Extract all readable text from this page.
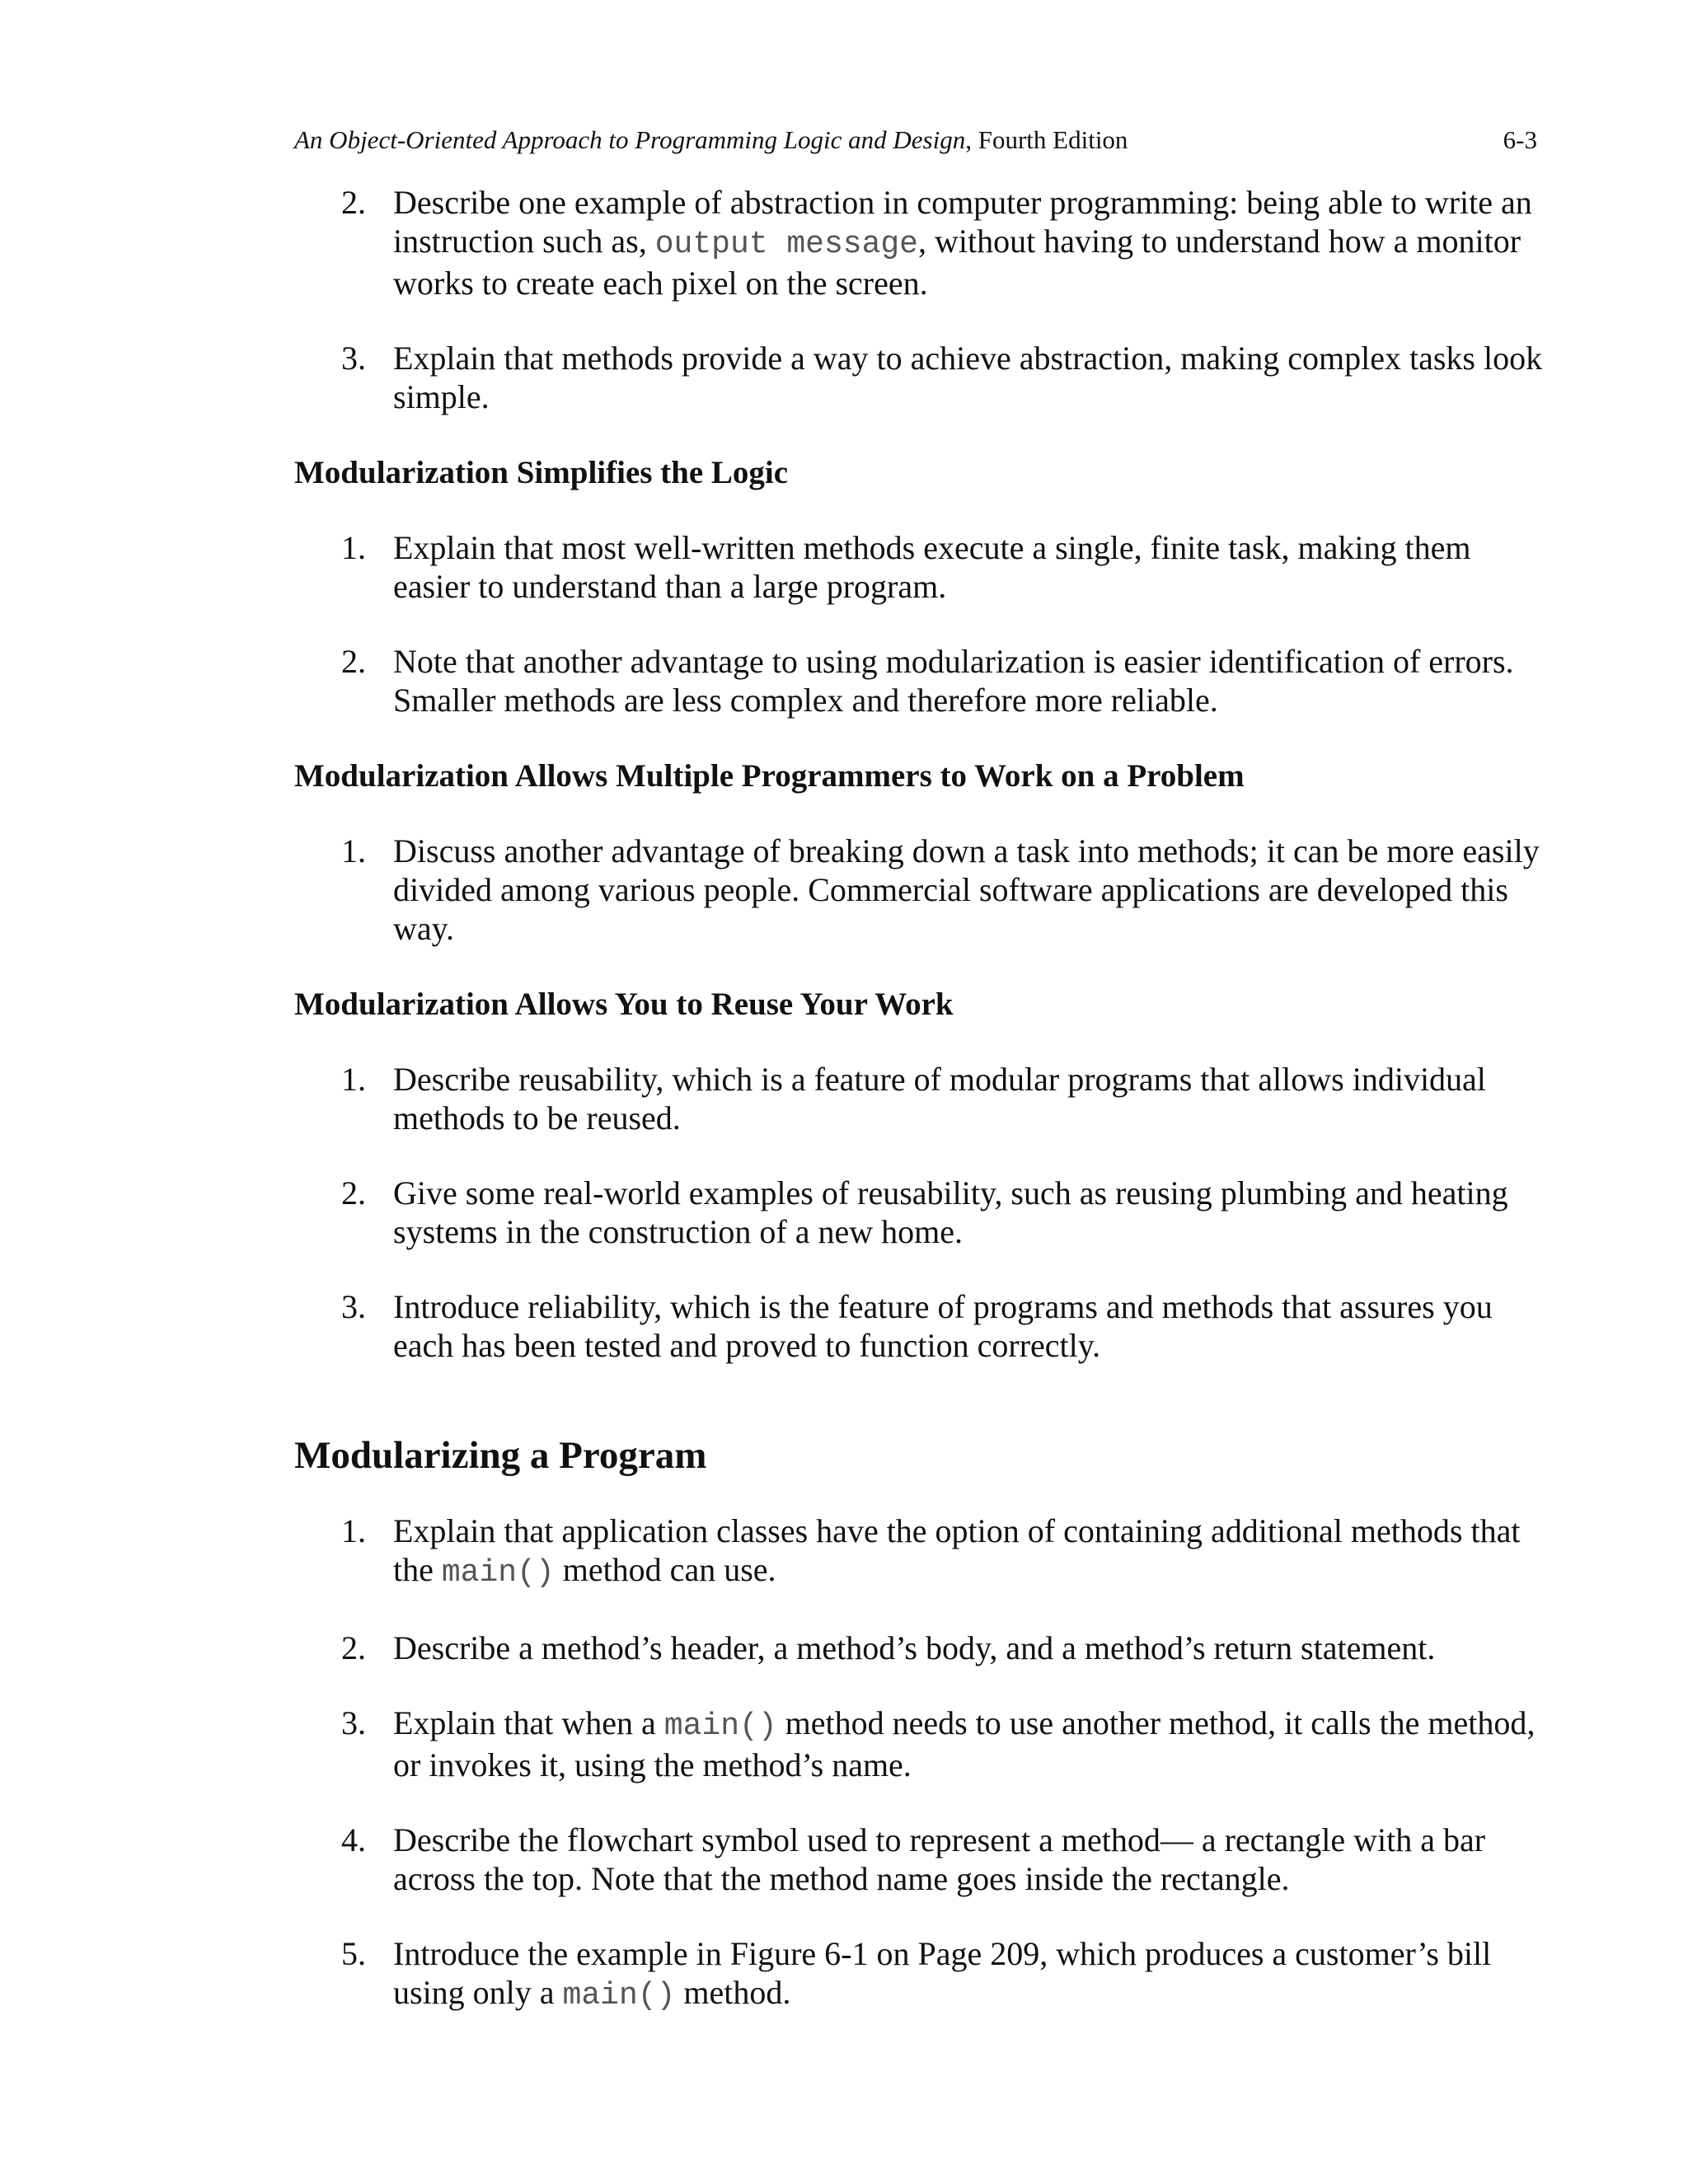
An Object-Oriented Approach to Programming Logic and Design, Fourth Edition	6-3
2. Describe one example of abstraction in computer programming: being able to write an instruction such as, output message, without having to understand how a monitor works to create each pixel on the screen.
3. Explain that methods provide a way to achieve abstraction, making complex tasks look simple.
Modularization Simplifies the Logic
1. Explain that most well-written methods execute a single, finite task, making them easier to understand than a large program.
2. Note that another advantage to using modularization is easier identification of errors. Smaller methods are less complex and therefore more reliable.
Modularization Allows Multiple Programmers to Work on a Problem
1. Discuss another advantage of breaking down a task into methods; it can be more easily divided among various people. Commercial software applications are developed this way.
Modularization Allows You to Reuse Your Work
1. Describe reusability, which is a feature of modular programs that allows individual methods to be reused.
2. Give some real-world examples of reusability, such as reusing plumbing and heating systems in the construction of a new home.
3. Introduce reliability, which is the feature of programs and methods that assures you each has been tested and proved to function correctly.
Modularizing a Program
1. Explain that application classes have the option of containing additional methods that the main() method can use.
2. Describe a method’s header, a method’s body, and a method’s return statement.
3. Explain that when a main() method needs to use another method, it calls the method, or invokes it, using the method’s name.
4. Describe the flowchart symbol used to represent a method— a rectangle with a bar across the top. Note that the method name goes inside the rectangle.
5. Introduce the example in Figure 6-1 on Page 209, which produces a customer’s bill using only a main() method.
